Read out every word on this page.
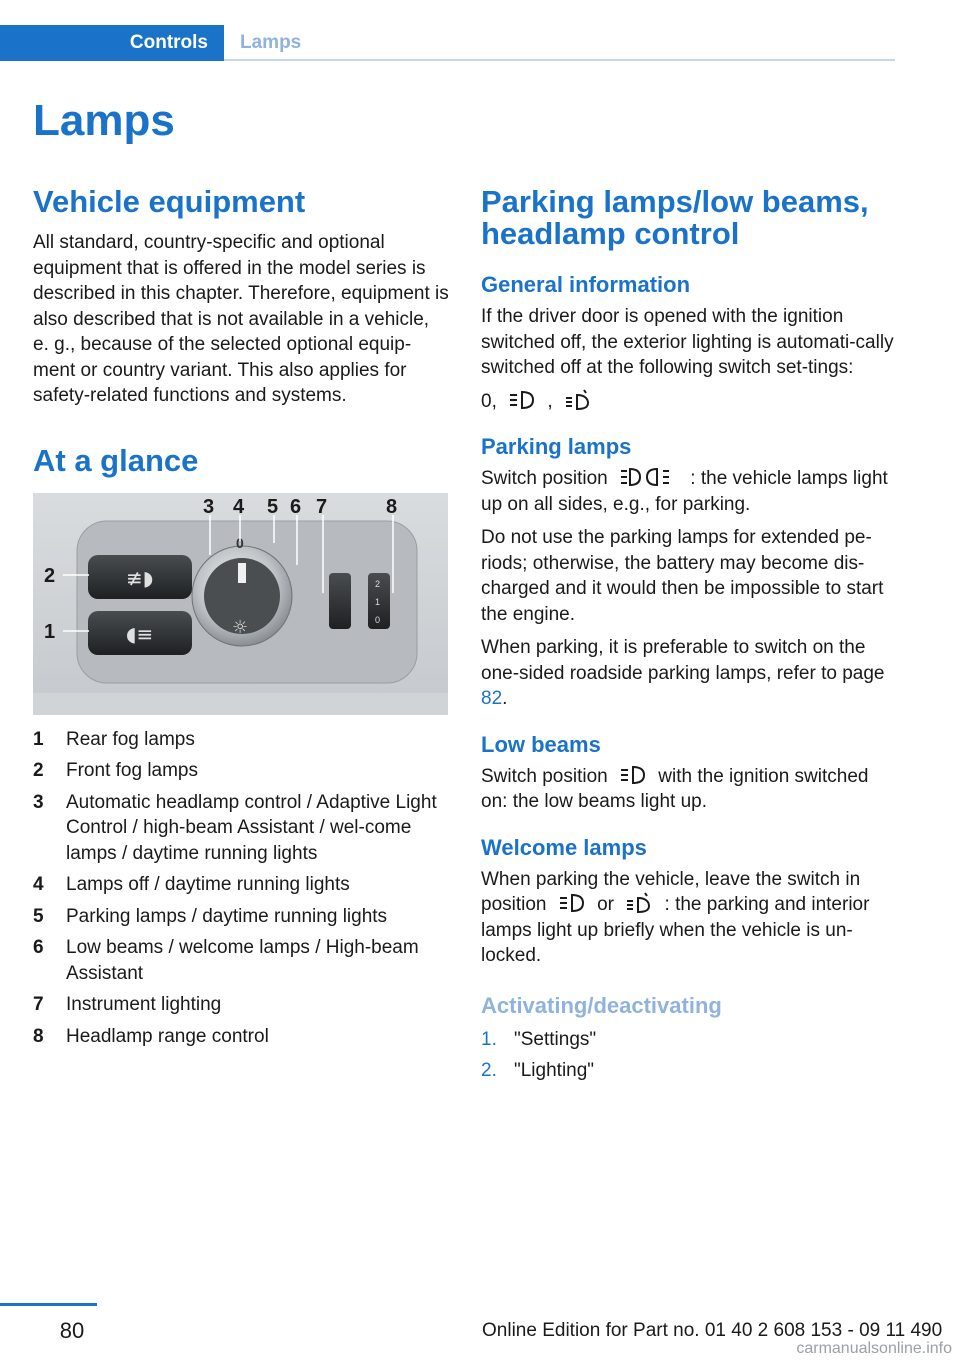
Controls Lamps
Lamps
Vehicle equipment

All standard, country-specific and optional equipment that is offered in the model series is described in this chapter. Therefore, equipment is also described that is not available in a vehicle, e. g., because of the selected optional equip-ment or country variant. This also applies for safety-related functions and systems.

At a glance
≢◗
◖≡	☼
0
2
1
0
3 4 5 6 7	8
2
1
1	Rear fog lamps
2	Front fog lamps
3	Automatic headlamp control / Adaptive Light Control / high-beam Assistant / wel-come lamps / daytime running lights
4	Lamps off / daytime running lights
5	Parking lamps / daytime running lights
6	Low beams / welcome lamps / High-beam Assistant
7	Instrument lighting
8	Headlamp range control
Parking lamps/low beams, headlamp control
General information

If the driver door is opened with the ignition switched off, the exterior lighting is automati-cally switched off at the following switch set-tings:

0,	,

Parking lamps

Switch position	: the vehicle lamps light up on all sides, e.g., for parking.

Do not use the parking lamps for extended pe-riods; otherwise, the battery may become dis-charged and it would then be impossible to start the engine.

When parking, it is preferable to switch on the one-sided roadside parking lamps, refer to page 82.

Low beams

Switch position	with the ignition switched on: the low beams light up.

Welcome lamps

When parking the vehicle, leave the switch in position	or	: the parking and interior lamps light up briefly when the vehicle is un-locked.

Activating/deactivating
1. "Settings"
2. "Lighting"
80	Online Edition for Part no. 01 40 2 608 153 - 09 11 490
carmanualsonline.info
